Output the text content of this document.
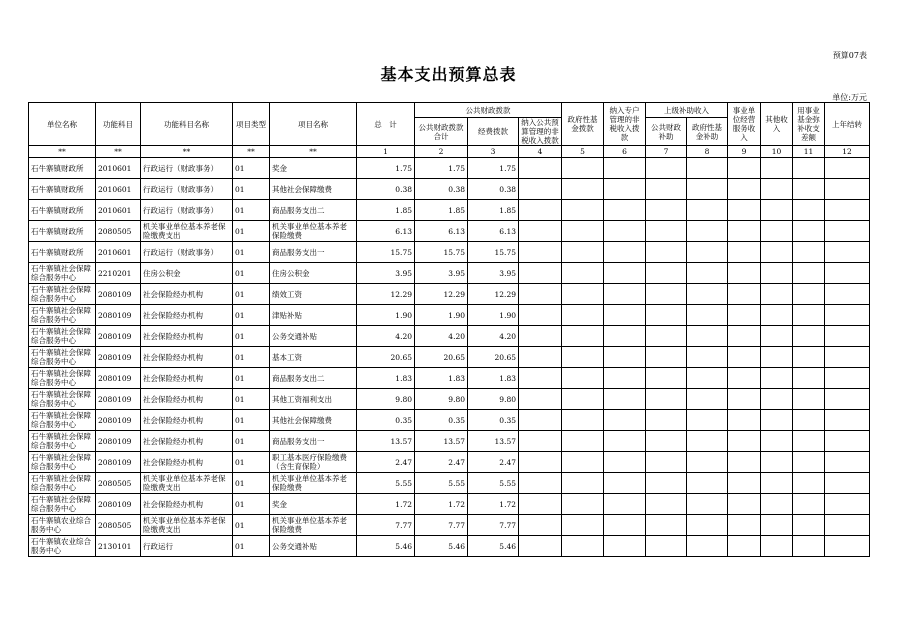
预算07表
基本支出预算总表
单位:万元
单位名称	功能科目	功能科目名称	项目类型	项目名称	总　计	公共财政拨款			政府性基金拨款	纳入专户管理的非税收入拨款	上级补助收入		事业单位经营服务收入	其他收入	用事业基金弥补收支差额	上年结转
						公共财政拨款合计	经费拨款	纳入公共预算管理的非税收入拨款								
											公共财政补助	政府性基金补助				
**	**	**	**	**	1	2	3	4	5	6	7	8	9	10	11	12
石牛寨镇财政所	2010601	行政运行（财政事务）	01	奖金	1.75	1.75	1.75									
石牛寨镇财政所	2010601	行政运行（财政事务）	01	其他社会保障缴费	0.38	0.38	0.38									
石牛寨镇财政所	2010601	行政运行（财政事务）	01	商品服务支出二	1.85	1.85	1.85									
石牛寨镇财政所	2080505	机关事业单位基本养老保险缴费支出	01	机关事业单位基本养老保险缴费	6.13	6.13	6.13									
石牛寨镇财政所	2010601	行政运行（财政事务）	01	商品服务支出一	15.75	15.75	15.75									
石牛寨镇社会保障综合服务中心	2210201	住房公积金	01	住房公积金	3.95	3.95	3.95									
石牛寨镇社会保障综合服务中心	2080109	社会保险经办机构	01	绩效工资	12.29	12.29	12.29									
石牛寨镇社会保障综合服务中心	2080109	社会保险经办机构	01	津贴补贴	1.90	1.90	1.90									
石牛寨镇社会保障综合服务中心	2080109	社会保险经办机构	01	公务交通补贴	4.20	4.20	4.20									
石牛寨镇社会保障综合服务中心	2080109	社会保险经办机构	01	基本工资	20.65	20.65	20.65									
石牛寨镇社会保障综合服务中心	2080109	社会保险经办机构	01	商品服务支出二	1.83	1.83	1.83									
石牛寨镇社会保障综合服务中心	2080109	社会保险经办机构	01	其他工资福利支出	9.80	9.80	9.80									
石牛寨镇社会保障综合服务中心	2080109	社会保险经办机构	01	其他社会保障缴费	0.35	0.35	0.35									
石牛寨镇社会保障综合服务中心	2080109	社会保险经办机构	01	商品服务支出一	13.57	13.57	13.57									
石牛寨镇社会保障综合服务中心	2080109	社会保险经办机构	01	职工基本医疗保险缴费（含生育保险）	2.47	2.47	2.47									
石牛寨镇社会保障综合服务中心	2080505	机关事业单位基本养老保险缴费支出	01	机关事业单位基本养老保险缴费	5.55	5.55	5.55									
石牛寨镇社会保障综合服务中心	2080109	社会保险经办机构	01	奖金	1.72	1.72	1.72									
石牛寨镇农业综合服务中心	2080505	机关事业单位基本养老保险缴费支出	01	机关事业单位基本养老保险缴费	7.77	7.77	7.77									
石牛寨镇农业综合服务中心	2130101	行政运行	01	公务交通补贴	5.46	5.46	5.46									
